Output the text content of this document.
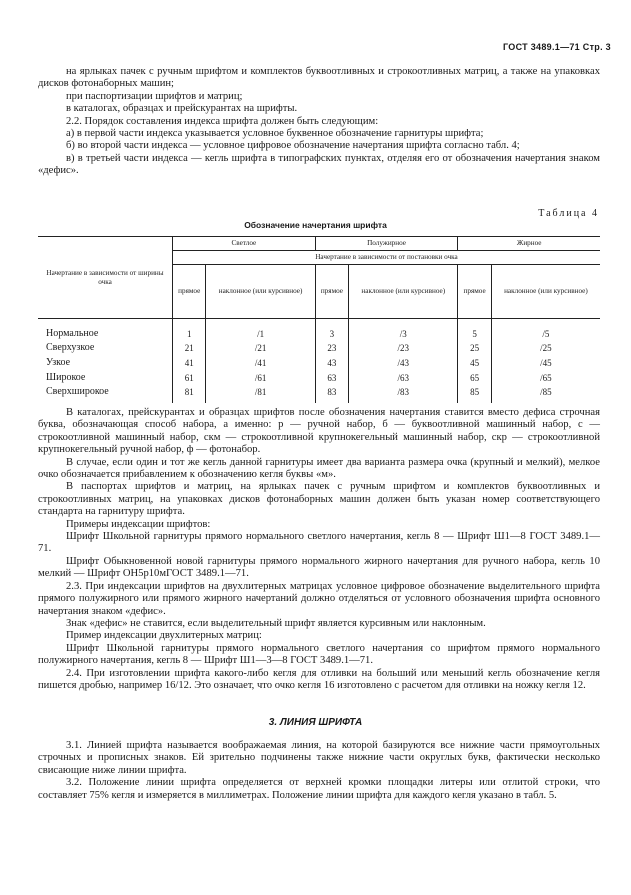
ГОСТ 3489.1—71 Стр. 3

на ярлыках пачек с ручным шрифтом и комплектов буквоотливных и строкоотливных матриц, а также на упаковках дисков фотонаборных машин;

при паспортизации шрифтов и матриц;

в каталогах, образцах и прейскурантах на шрифты.

2.2. Порядок составления индекса шрифта должен быть следующим:

а) в первой части индекса указывается условное буквенное обозначение гарнитуры шрифта;

б) во второй части индекса — условное цифровое обозначение начертания шрифта согласно табл. 4;

в) в третьей части индекса — кегль шрифта в типографских пунктах, отделяя его от обозначения начертания знаком «дефис».

Обозначение начертания шрифта
Таблица 4
Начертание в зависимости от ширины очка	Светлое		Полужирное		Жирное	
	Начертание в зависимости от постановки очка					
	прямое	наклонное (или курсивное)	прямое	наклонное (или курсивное)	прямое	наклонное (или курсивное)
Нормальное	1	/1	3	/3	5	/5
Сверхузкое	21	/21	23	/23	25	/25
Узкое	41	/41	43	/43	45	/45
Широкое	61	/61	63	/63	65	/65
Сверхширокое	81	/81	83	/83	85	/85

В каталогах, прейскурантах и образцах шрифтов после обозначения начертания ставится вместо дефиса строчная буква, обозначающая способ набора, а именно: р — ручной набор, б — буквоотливной машинный набор, с — строкоотливной машинный набор, скм — строкоотливной крупнокегельный машинный набор, скр — строкоотливной крупнокегельный ручной набор, ф — фотонабор.

В случае, если один и тот же кегль данной гарнитуры имеет два варианта размера очка (крупный и мелкий), мелкое очко обозначается прибавлением к обозначению кегля буквы «м».

В паспортах шрифтов и матриц, на ярлыках пачек с ручным шрифтом и комплектов буквоотливных и строкоотливных матриц, на упаковках дисков фотонаборных машин должен быть указан номер соответствующего стандарта на гарнитуру шрифта.

Примеры индексации шрифтов:

Шрифт Школьной гарнитуры прямого нормального светлого начертания, кегль 8 — Шрифт Ш1—8 ГОСТ 3489.1—71.

Шрифт Обыкновенной новой гарнитуры прямого нормального жирного начертания для ручного набора, кегль 10 мелкий — Шрифт ОН5р10мГОСТ 3489.1—71.

2.3. При индексации шрифтов на двухлитерных матрицах условное цифровое обозначение выделительного шрифта прямого полужирного или прямого жирного начертаний должно отделяться от условного обозначения шрифта основного начертания знаком «дефис».

Знак «дефис» не ставится, если выделительный шрифт является курсивным или наклонным.

Пример индексации двухлитерных матриц:

Шрифт Школьной гарнитуры прямого нормального светлого начертания со шрифтом прямого нормального полужирного начертания, кегль 8 — Шрифт Ш1—3—8 ГОСТ 3489.1—71.

2.4. При изготовлении шрифта какого-либо кегля для отливки на больший или меньший кегль обозначение кегля пишется дробью, например 16/12. Это означает, что очко кегля 16 изготовлено с расчетом для отливки на ножку кегля 12.

3. ЛИНИЯ ШРИФТА

3.1. Линией шрифта называется воображаемая линия, на которой базируются все нижние части прямоугольных строчных и прописных знаков. Ей зрительно подчинены также нижние части округлых букв, фактически несколько свисающие ниже линии шрифта.

3.2. Положение линии шрифта определяется от верхней кромки площадки литеры или отлитой строки, что составляет 75% кегля и измеряется в миллиметрах. Положение линии шрифта для каждого кегля указано в табл. 5.
